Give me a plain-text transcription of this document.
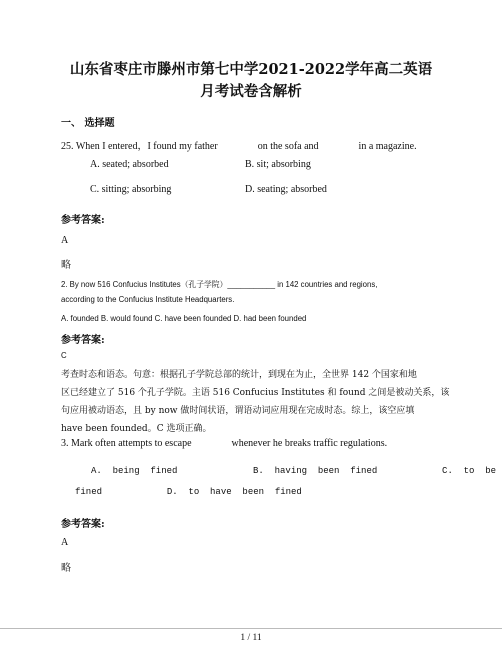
山东省枣庄市滕州市第七中学2021-2022学年高二英语
月考试卷含解析
一、 选择题
25. When I entered，I found my father	on the sofa and	in a magazine.
A. seated; absorbed	B. sit; absorbing
C. sitting; absorbing	D. seating; absorbed
参考答案:
A
略
2. By now 516 Confucius Institutes（孔子学院）___________ in 142 countries and regions,
according to the Confucius Institute Headquarters.
A. founded B. would found C. have been founded D. had been founded
参考答案:
C
考查时态和语态。句意：根据孔子学院总部的统计，到现在为止，全世界 142 个国家和地
区已经建立了 516 个孔子学院。主语 516 Confucius Institutes 和 found 之间是被动关系，该
句应用被动语态，且 by now 做时间状语，谓语动词应用现在完成时态。综上，该空应填
have been founded。C 选项正确。
3. Mark often attempts to escape	whenever he breaks traffic regulations.
A.  being  fined              B.  having  been  fined            C.  to  be
fined            D.  to  have  been  fined
参考答案:
A
略
1 / 11
